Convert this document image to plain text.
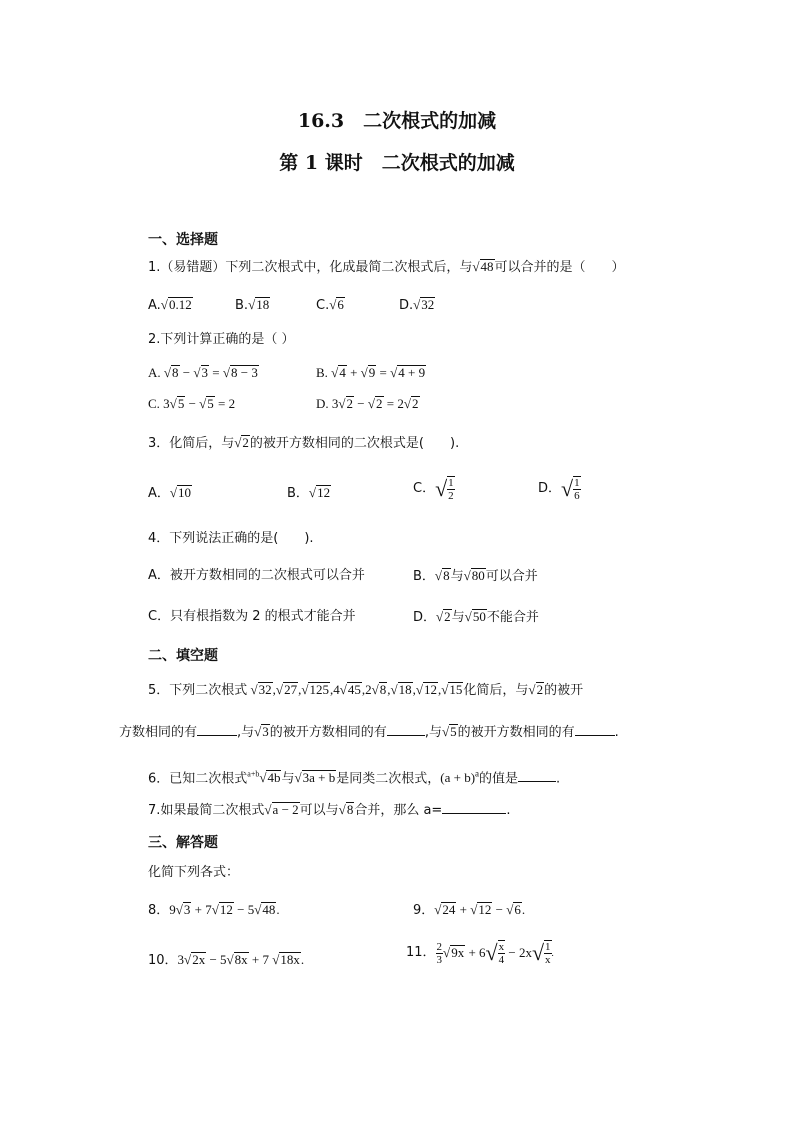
16.3　二次根式的加减
第 1 课时　二次根式的加减
一、选择题
1.（易错题）下列二次根式中，化成最简二次根式后，与 √ 48可以合并的是（　　）
A. √ 0.12	B. √ 18	C. √ 6	D. √ 32
2.下列计算正确的是（ ）
A. √ 8 − √ 3 = √ 8 − 3	B. √ 4 + √ 9 = √ 4 + 9
C. 3 √ 5 − √ 5 = 2	D. 3 √ 2 − √ 2 = 2 √ 2
3．化简后，与 √ 2的被开方数相同的二次根式是(　　).
A． √ 10	B． √ 12	C．√ $\frac{1}{2}$	D．√ $\frac{1}{6}$
4．下列说法正确的是(　　).
A．被开方数相同的二次根式可以合并	B． √ 8与 √ 80可以合并
C．只有根指数为 2 的根式才能合并	D． √ 2与 √ 50不能合并
二、填空题
5．下列二次根式 √ 32, √ 27, √ 125,4 √ 45,2 √ 8, √ 18, √ 12, √ 15化简后，与 √ 2的被开
方数相同的有	,与 √ 3的被开方数相同的有	,与 √ 5的被开方数相同的有	.
6．已知二次根式$^{a+b}$ √ 4b与 √ 3a + b是同类二次根式，$(a + b)^a$的值是	.
7.如果最简二次根式 √ a − 2可以与 √ 8合并，那么 a=	.
三、解答题
化简下列各式：
8．9 √ 3 + 7 √ 12 − 5 √ 48.	9． √ 24 + √ 12 − √ 6.
10．3 √ 2x − 5 √ 8x + 7 √ 18x.	11． $\frac{2}{3}$ √ $9x + 6√ \frac{x}{4} - 2x√ \frac{1}{x}$ .
